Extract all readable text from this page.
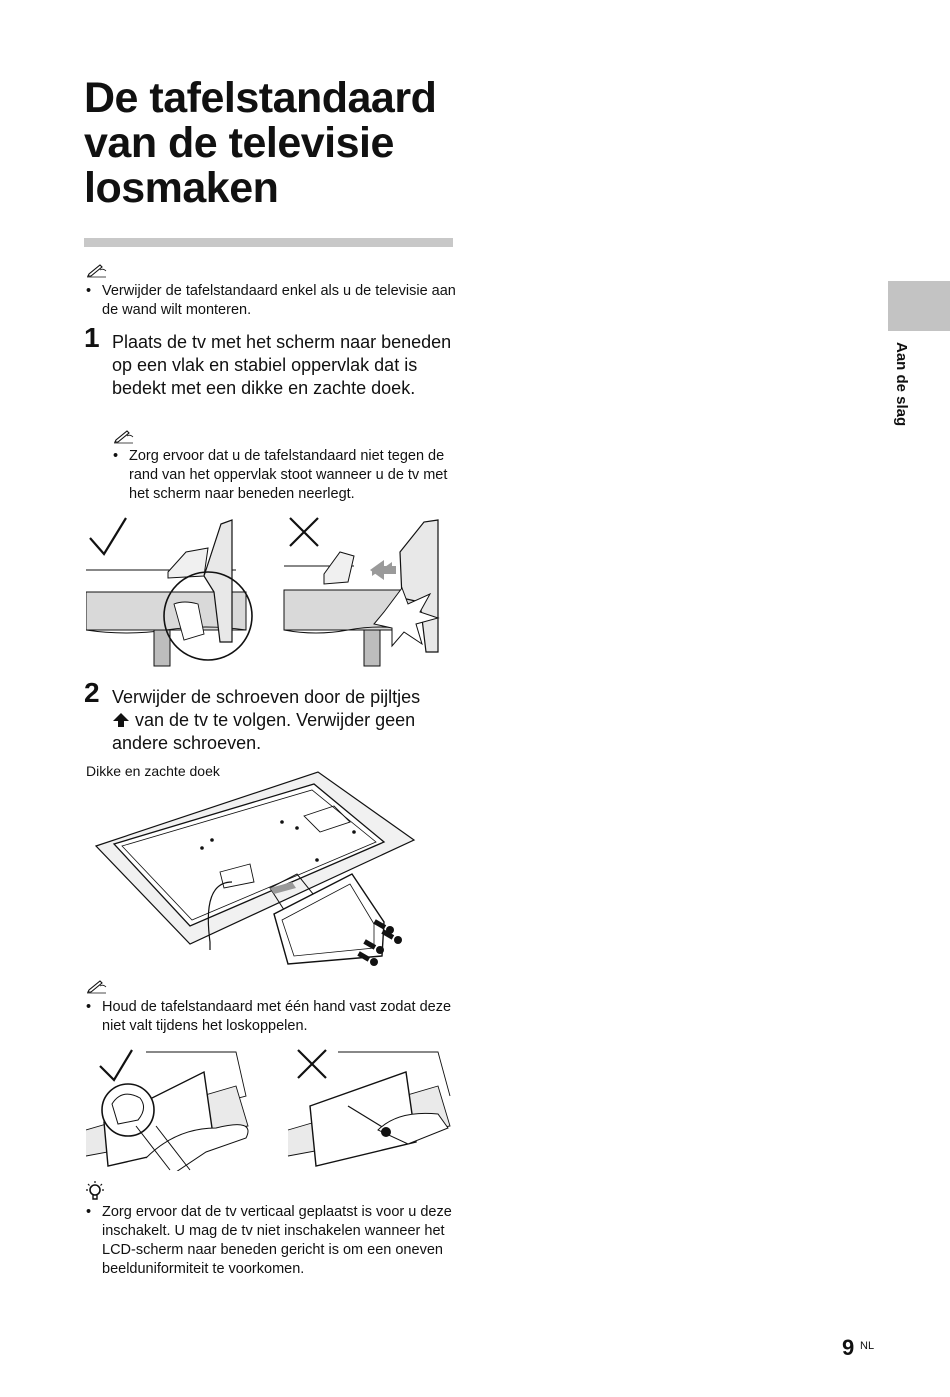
De tafelstandaard
van de televisie
losmaken
• Verwijder de tafelstandaard enkel als u de televisie aan de wand wilt monteren.
1 Plaats de tv met het scherm naar beneden op een vlak en stabiel oppervlak dat is bedekt met een dikke en zachte doek.
• Zorg ervoor dat u de tafelstandaard niet tegen de rand van het oppervlak stoot wanneer u de tv met het scherm naar beneden neerlegt.
2 Verwijder de schroeven door de pijltjes
van de tv te volgen. Verwijder geen andere schroeven.
Dikke en zachte doek
• Houd de tafelstandaard met één hand vast zodat deze niet valt tijdens het loskoppelen.
• Zorg ervoor dat de tv verticaal geplaatst is voor u deze inschakelt. U mag de tv niet inschakelen wanneer het LCD-scherm naar beneden gericht is om een oneven beelduniformiteit te voorkomen.
Aan de slag
9 NL
